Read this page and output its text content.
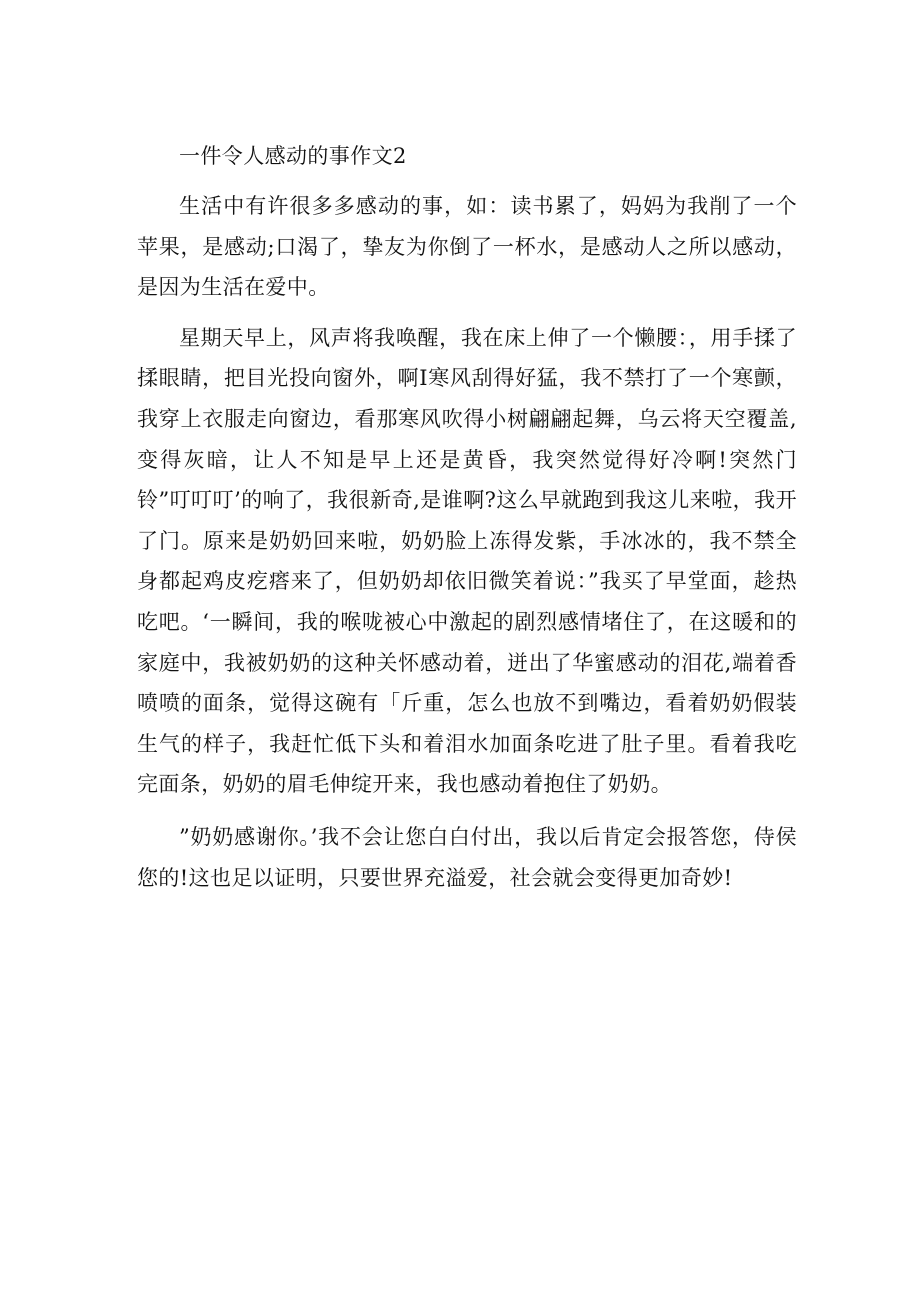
一件令人感动的事作文2

生活中有许很多多感动的事，如：读书累了，妈妈为我削了一个苹果，是感动;口渴了，挚友为你倒了一杯水，是感动人之所以感动，是因为生活在爱中。

星期天早上，风声将我唤醒，我在床上伸了一个懒腰：，用手揉了揉眼睛，把目光投向窗外，啊I寒风刮得好猛，我不禁打了一个寒颤，我穿上衣服走向窗边，看那寒风吹得小树翩翩起舞，乌云将天空覆盖,变得灰暗，让人不知是早上还是黄昏，我突然觉得好冷啊!突然门铃”叮叮叮’的响了，我很新奇,是谁啊?这么早就跑到我这儿来啦，我开了门。原来是奶奶回来啦，奶奶脸上冻得发紫，手冰冰的，我不禁全身都起鸡皮疙瘩来了，但奶奶却依旧微笑着说：”我买了早堂面，趁热吃吧。‘一瞬间，我的喉咙被心中激起的剧烈感情堵住了，在这暖和的家庭中，我被奶奶的这种关怀感动着，迸出了华蜜感动的泪花,端着香喷喷的面条，觉得这碗有「斤重，怎么也放不到嘴边，看着奶奶假装生气的样子，我赶忙低下头和着泪水加面条吃进了肚子里。看着我吃完面条，奶奶的眉毛伸绽开来，我也感动着抱住了奶奶。

”奶奶感谢你。’我不会让您白白付出，我以后肯定会报答您，侍侯您的!这也足以证明，只要世界充溢爱，社会就会变得更加奇妙!
